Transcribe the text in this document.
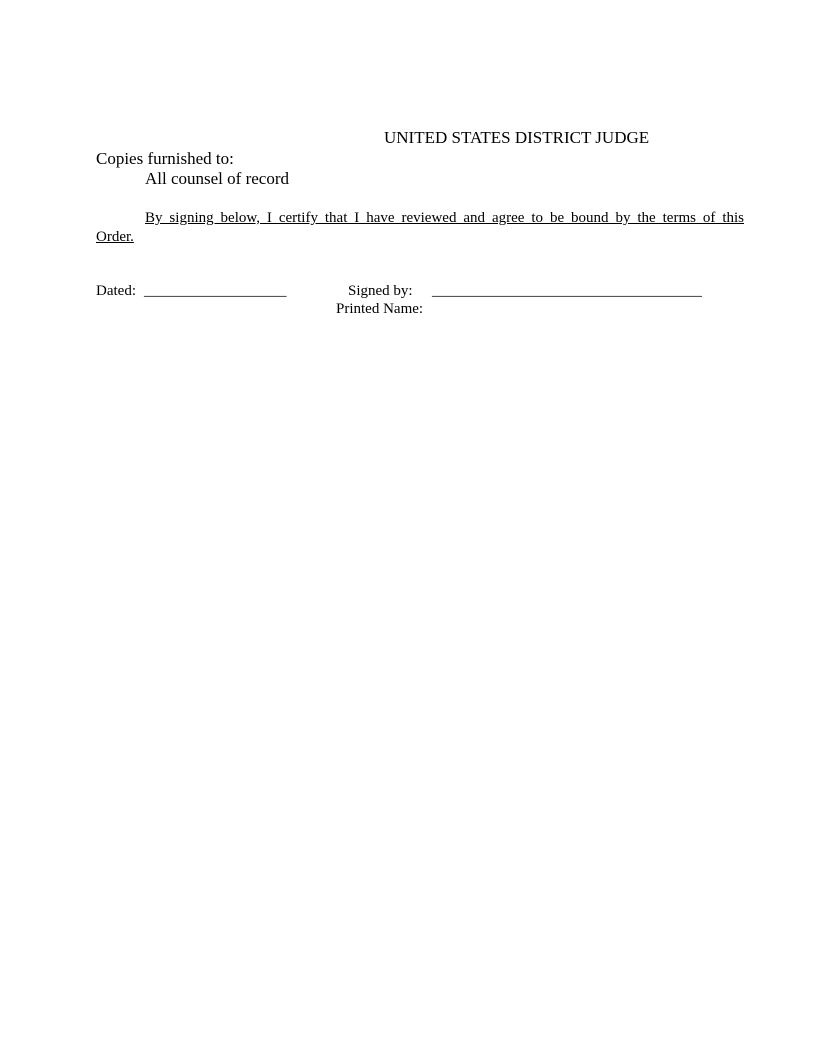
UNITED STATES DISTRICT JUDGE
Copies furnished to:
All counsel of record
By signing below, I certify that I have reviewed and agree to be bound by the terms of this
Order.
Dated: ___________________	Signed by: ____________________________________
Printed Name:
